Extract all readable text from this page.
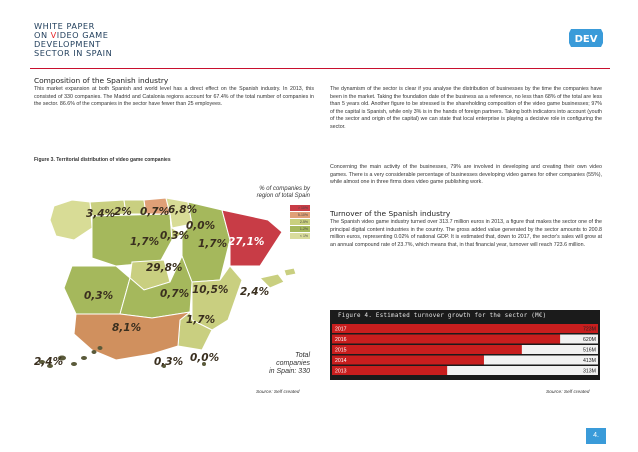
WHITE PAPER
ON VIDEO GAME
DEVELOPMENT
SECTOR IN SPAIN
DEV
Composition of the Spanish industry
This market expansion at both Spanish and world level has a direct effect on the Spanish industry. In 2013, this consisted of 330 companies. The Madrid and Catalonia regions account for 67.4% of the total number of companies in the sector. 86.6% of the companies in the sector have fewer than 25 employees.
Figure 3. Territorial distribution of video game companies
% of companies by
region of total Spain
> 10%
5-10%
2-5%
1-2%
< 1%
3,4%
2% 0,7%
6,8%
0,0%
0,3%
1,7%	1,7% 27,1%
29,8%
0,3%	0,7% 10,5% 2,4%
8,1%
1,7%
2,4%	0,3% 0,0%	Total
companies
in Spain: 330
Source: Self created
The dynamism of the sector is clear if you analyse the distribution of businesses by the time the companies have been in the market. Taking the foundation date of the business as a reference, no less than 68% of the total are less than 5 years old. Another figure to be stressed is the shareholding composition of the video game businesses; 97% of the capital is Spanish, while only 3% is in the hands of foreign partners. Taking both indicators into account (youth of the sector and origin of the capital) we can state that local enterprise is playing a decisive role in configuring the sector.
Concerning the main activity of the businesses, 79% are involved in developing and creating their own video games. There is a very considerable percentage of businesses developing video games for other companies (55%), while almost one in three firms does video game publishing work.
Turnover of the Spanish industry
The Spanish video game industry turned over 313.7 million euros in 2013, a figure that makes the sector one of the principal digital content industries in the country. The gross added value generated by the sector amounts to 200.8 million euros, representing 0.02% of national GDP. It is estimated that, down to 2017, the sector's sales will grow at an annual compound rate of 23.7%, which means that, in that financial year, turnover will reach 723.6 million.
Figure 4. Estimated turnover growth for the sector (M€)
2017	723M
2016	620M
2015	516M
2014	413M
2013	313M
Source: Self created
4.
